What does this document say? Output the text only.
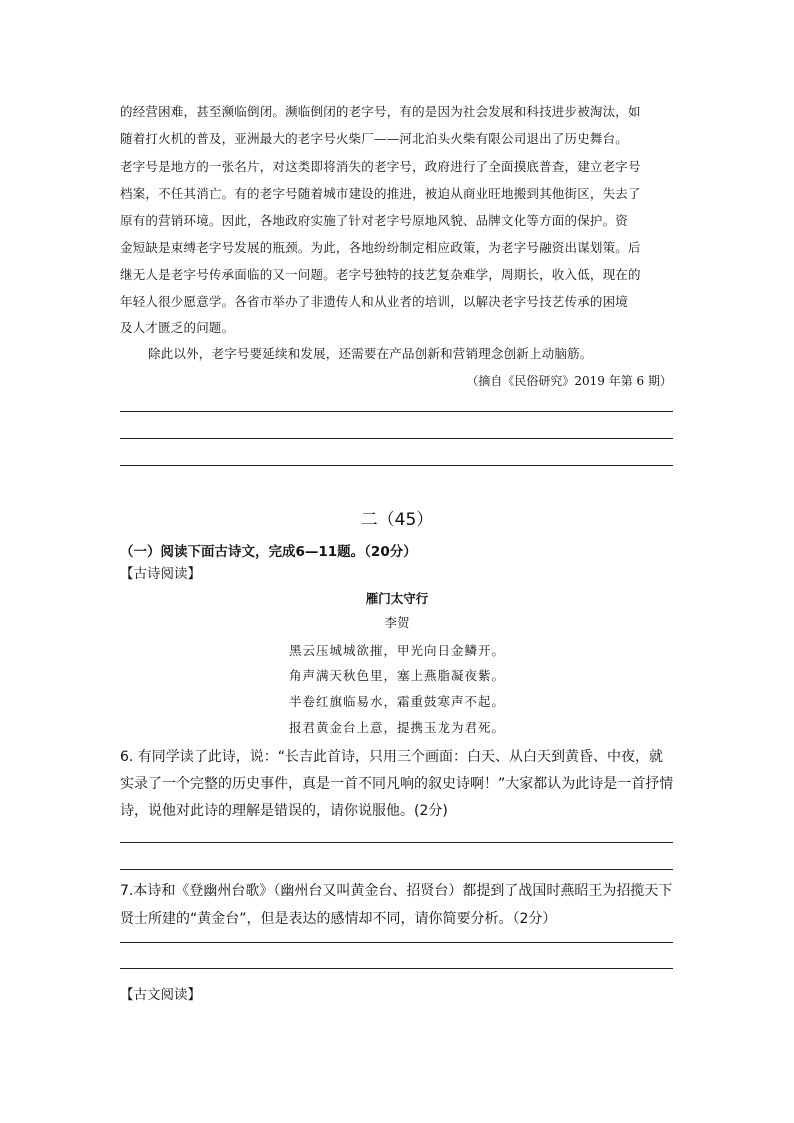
的经营困难，甚至濒临倒闭。濒临倒闭的老字号，有的是因为社会发展和科技进步被淘汰，如
随着打火机的普及，亚洲最大的老字号火柴厂——河北泊头火柴有限公司退出了历史舞台。
老字号是地方的一张名片，对这类即将消失的老字号，政府进行了全面摸底普查，建立老字号
档案，不任其消亡。有的老字号随着城市建设的推进，被迫从商业旺地搬到其他街区，失去了
原有的营销环境。因此，各地政府实施了针对老字号原地风貌、品牌文化等方面的保护。资
金短缺是束缚老字号发展的瓶颈。为此，各地纷纷制定相应政策，为老字号融资出谋划策。后
继无人是老字号传承面临的又一问题。老字号独特的技艺复杂难学，周期长，收入低，现在的
年轻人很少愿意学。各省市举办了非遗传人和从业者的培训，以解决老字号技艺传承的困境
及人才匮乏的问题。
除此以外，老字号要延续和发展，还需要在产品创新和营销理念创新上动脑筋。
（摘自《民俗研究》2019 年第 6 期）
二（45）
（一）阅读下面古诗文，完成6—11题。（20分）
【古诗阅读】
雁门太守行
李贺
黑云压城城欲摧，甲光向日金鳞开。
角声满天秋色里，塞上燕脂凝夜紫。
半卷红旗临易水，霜重鼓寒声不起。
报君黄金台上意，提携玉龙为君死。
6. 有同学读了此诗，说：“长吉此首诗，只用三个画面：白天、从白天到黄昏、中夜，就
实录了一个完整的历史事件，真是一首不同凡响的叙史诗啊！”大家都认为此诗是一首抒情
诗，说他对此诗的理解是错误的，请你说服他。(2分)
7.本诗和《登幽州台歌》（幽州台又叫黄金台、招贤台）都提到了战国时燕昭王为招揽天下
贤士所建的“黄金台”，但是表达的感情却不同，请你简要分析。（2分）
【古文阅读】
